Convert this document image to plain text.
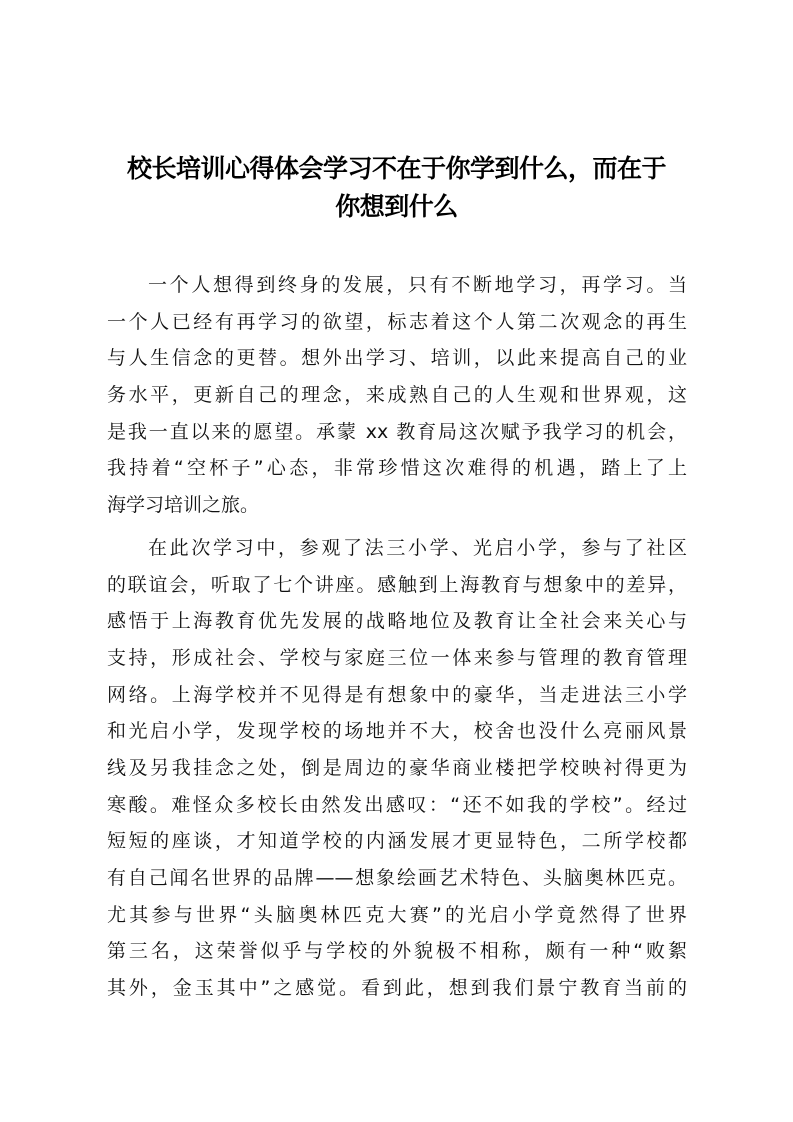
校长培训心得体会学习不在于你学到什么，而在于
你想到什么

一个人想得到终身的发展，只有不断地学习，再学习。当
一个人已经有再学习的欲望，标志着这个人第二次观念的再生
与人生信念的更替。想外出学习、培训，以此来提高自己的业
务水平，更新自己的理念，来成熟自己的人生观和世界观，这
是我一直以来的愿望。承蒙 xx 教育局这次赋予我学习的机会，
我持着“空杯子”心态，非常珍惜这次难得的机遇，踏上了上
海学习培训之旅。

在此次学习中，参观了法三小学、光启小学，参与了社区
的联谊会，听取了七个讲座。感触到上海教育与想象中的差异，
感悟于上海教育优先发展的战略地位及教育让全社会来关心与
支持，形成社会、学校与家庭三位一体来参与管理的教育管理
网络。上海学校并不见得是有想象中的豪华，当走进法三小学
和光启小学，发现学校的场地并不大，校舍也没什么亮丽风景
线及另我挂念之处，倒是周边的豪华商业楼把学校映衬得更为
寒酸。难怪众多校长由然发出感叹：“还不如我的学校”。经过
短短的座谈，才知道学校的内涵发展才更显特色，二所学校都
有自己闻名世界的品牌——想象绘画艺术特色、头脑奥林匹克。
尤其参与世界“头脑奥林匹克大赛”的光启小学竟然得了世界
第三名，这荣誉似乎与学校的外貌极不相称，颇有一种“败絮
其外，金玉其中”之感觉。看到此，想到我们景宁教育当前的
